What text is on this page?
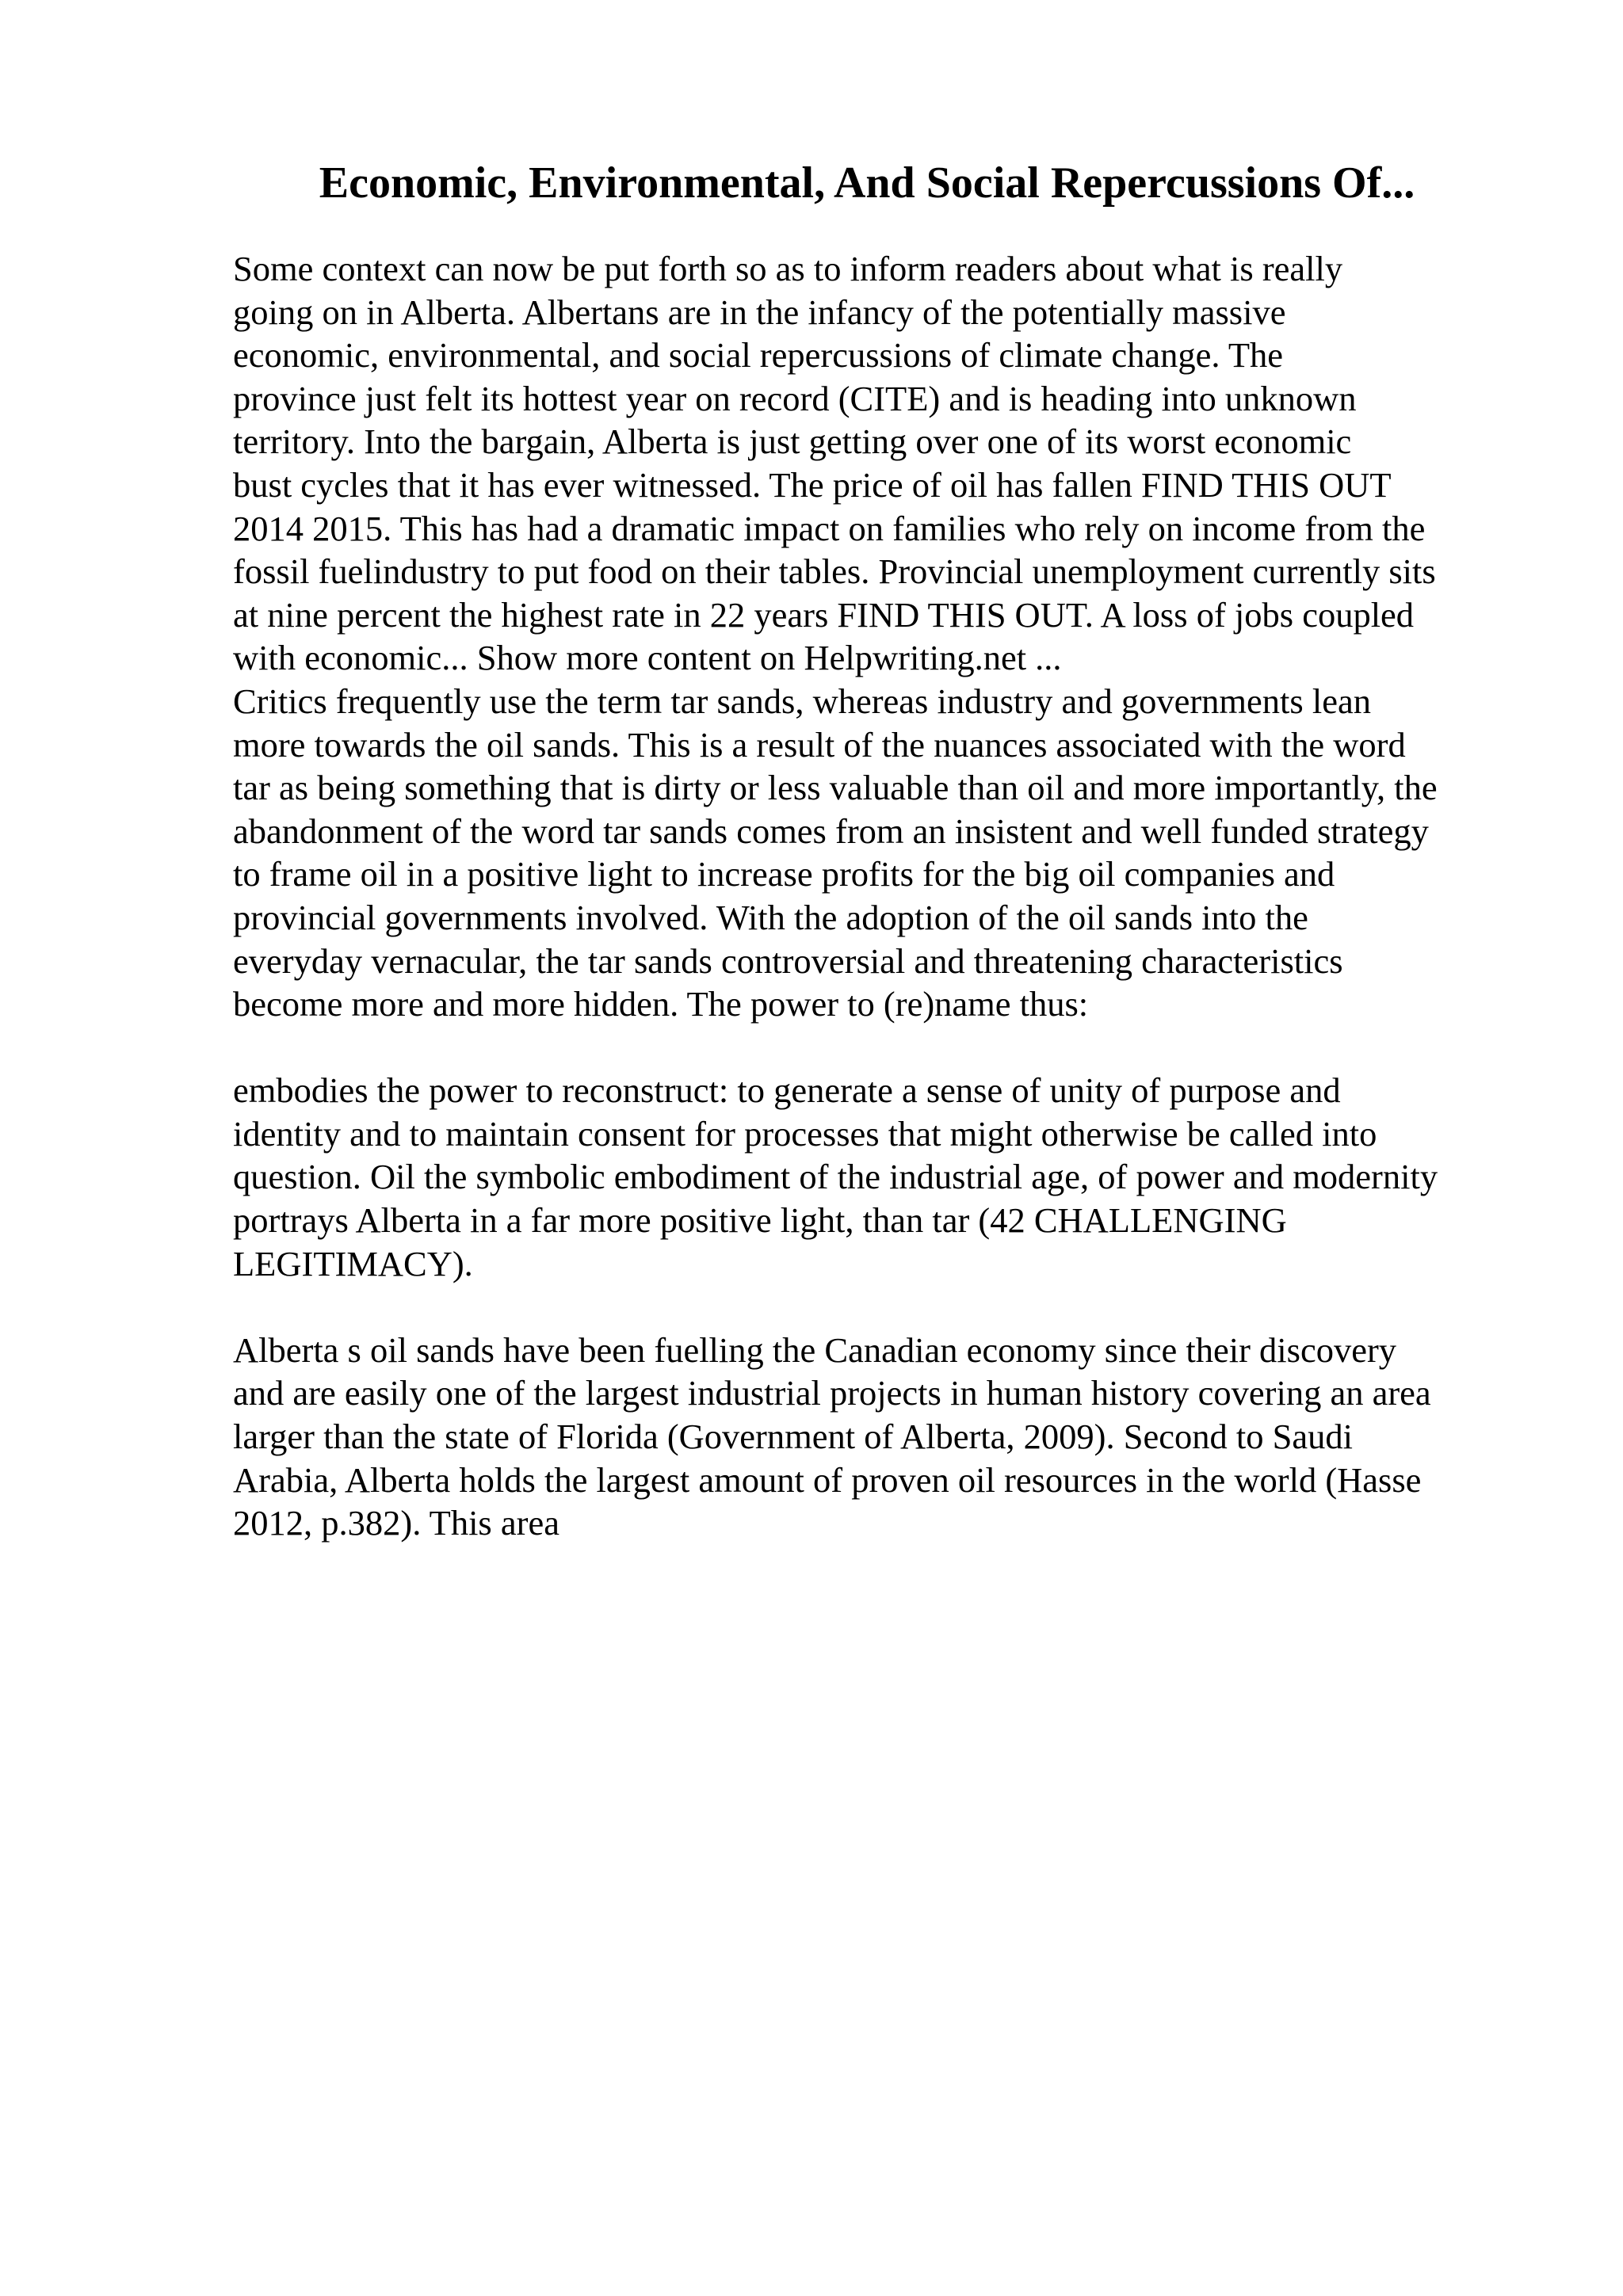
Economic, Environmental, And Social Repercussions Of...
Some context can now be put forth so as to inform readers about what is really
going on in Alberta. Albertans are in the infancy of the potentially massive
economic, environmental, and social repercussions of climate change. The
province just felt its hottest year on record (CITE) and is heading into unknown
territory. Into the bargain, Alberta is just getting over one of its worst economic
bust cycles that it has ever witnessed. The price of oil has fallen FIND THIS OUT
2014 2015. This has had a dramatic impact on families who rely on income from the
fossil fuelindustry to put food on their tables. Provincial unemployment currently sits
at nine percent the highest rate in 22 years FIND THIS OUT. A loss of jobs coupled
with economic... Show more content on Helpwriting.net ...
Critics frequently use the term tar sands, whereas industry and governments lean
more towards the oil sands. This is a result of the nuances associated with the word
tar as being something that is dirty or less valuable than oil and more importantly, the
abandonment of the word tar sands comes from an insistent and well funded strategy
to frame oil in a positive light to increase profits for the big oil companies and
provincial governments involved. With the adoption of the oil sands into the
everyday vernacular, the tar sands controversial and threatening characteristics
become more and more hidden. The power to (re)name thus:
embodies the power to reconstruct: to generate a sense of unity of purpose and
identity and to maintain consent for processes that might otherwise be called into
question. Oil the symbolic embodiment of the industrial age, of power and modernity
portrays Alberta in a far more positive light, than tar (42 CHALLENGING
LEGITIMACY).
Alberta s oil sands have been fuelling the Canadian economy since their discovery
and are easily one of the largest industrial projects in human history covering an area
larger than the state of Florida (Government of Alberta, 2009). Second to Saudi
Arabia, Alberta holds the largest amount of proven oil resources in the world (Hasse
2012, p.382). This area
